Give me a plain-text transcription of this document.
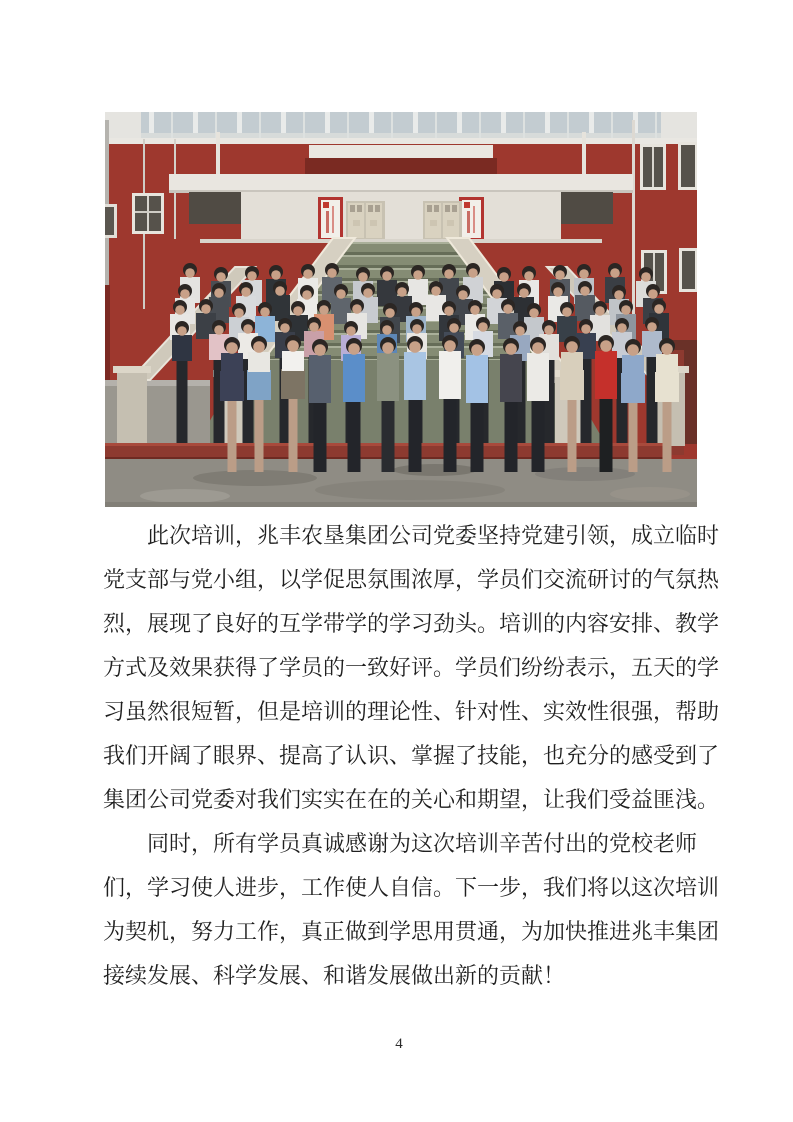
此次培训，兆丰农垦集团公司党委坚持党建引领，成立临时

党支部与党小组，以学促思氛围浓厚，学员们交流研讨的气氛热

烈，展现了良好的互学带学的学习劲头。培训的内容安排、教学

方式及效果获得了学员的一致好评。学员们纷纷表示，五天的学

习虽然很短暂，但是培训的理论性、针对性、实效性很强，帮助

我们开阔了眼界、提高了认识、掌握了技能，也充分的感受到了

集团公司党委对我们实实在在的关心和期望，让我们受益匪浅。

同时，所有学员真诚感谢为这次培训辛苦付出的党校老师

们，学习使人进步，工作使人自信。下一步，我们将以这次培训

为契机，努力工作，真正做到学思用贯通，为加快推进兆丰集团

接续发展、科学发展、和谐发展做出新的贡献！

4
